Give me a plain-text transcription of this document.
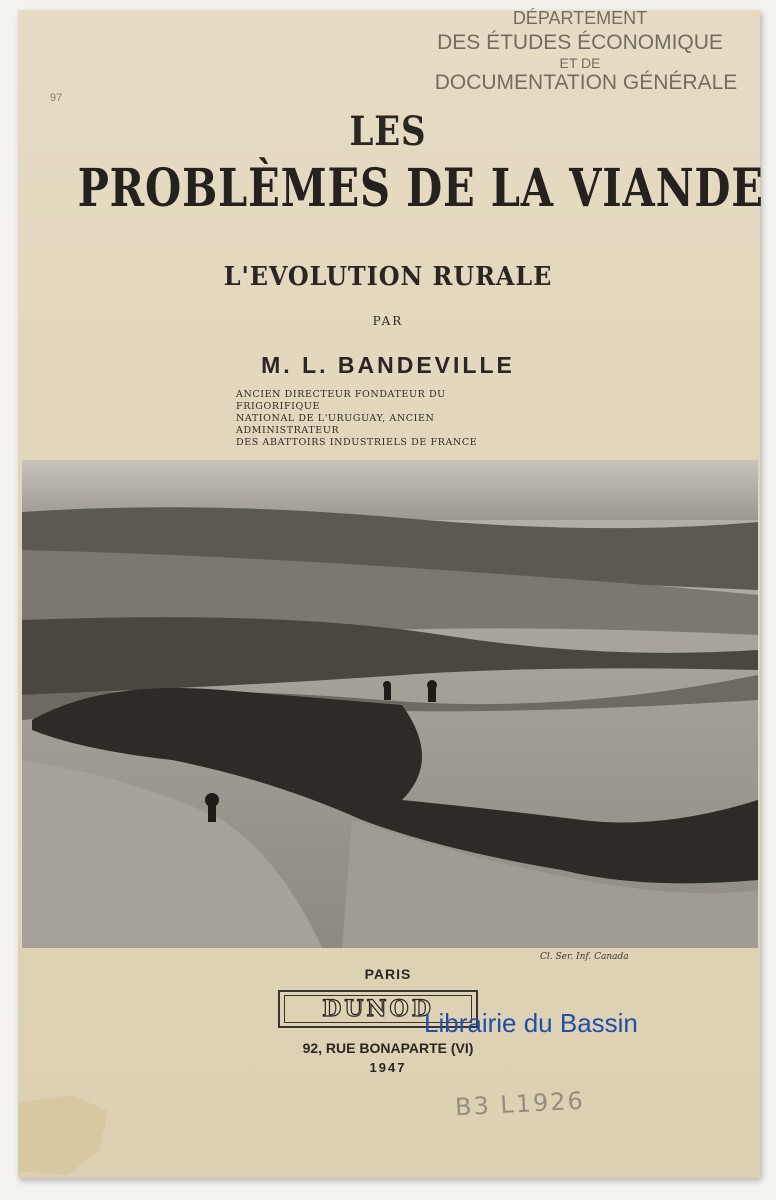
DÉPARTEMENT
DES ÉTUDES ÉCONOMIQUE
ET DE
DOCUMENTATION GÉNÉRALE
97
LES
PROBLÈMES DE LA VIANDE
L'EVOLUTION RURALE
PAR
M. L. BANDEVILLE
ANCIEN DIRECTEUR FONDATEUR DU FRIGORIFIQUE
NATIONAL DE L'URUGUAY, ANCIEN ADMINISTRATEUR
DES ABATTOIRS INDUSTRIELS DE FRANCE
Cl. Ser. Inf. Canada
PARIS
DUNOD
92, RUE BONAPARTE (VI)
1947
B3 L1926
Librairie du Bassin
